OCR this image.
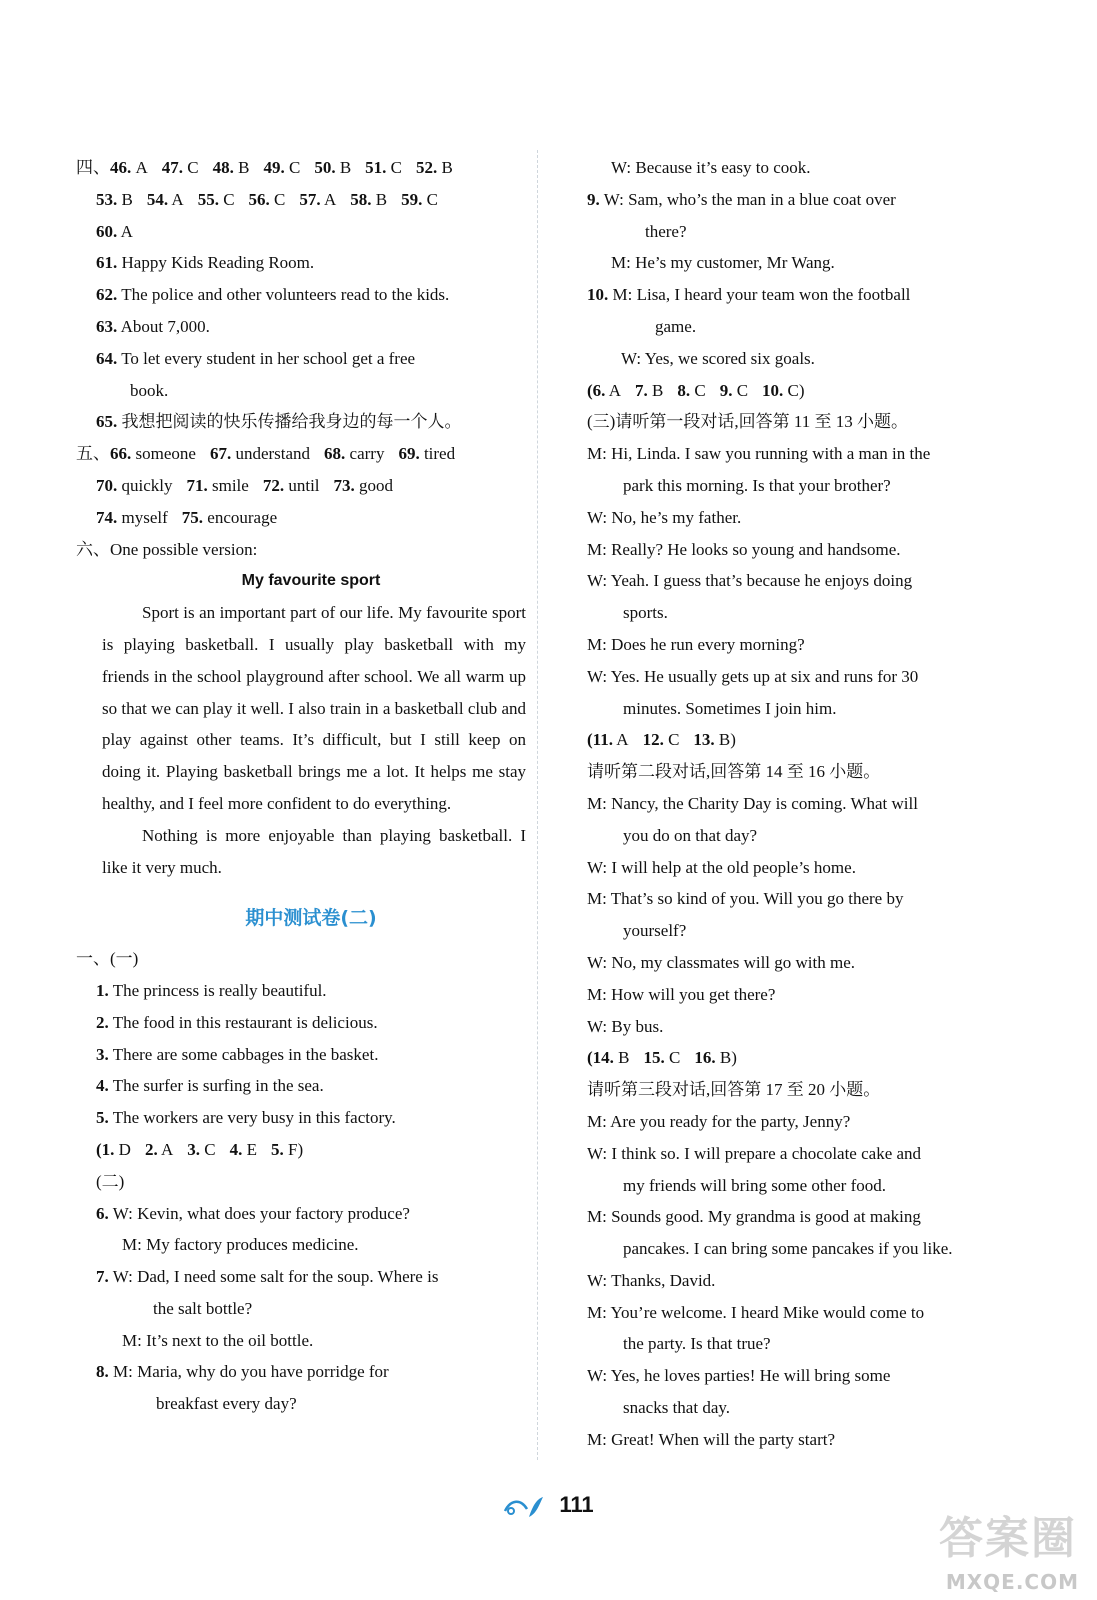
四、46. A 47. C 48. B 49. C 50. B 51. C 52. B
53. B 54. A 55. C 56. C 57. A 58. B 59. C
60. A
61. Happy Kids Reading Room.
62. The police and other volunteers read to the kids.
63. About 7,000.
64. To let every student in her school get a free
book.
65. 我想把阅读的快乐传播给我身边的每一个人。
五、66. someone 67. understand 68. carry 69. tired
70. quickly 71. smile 72. until 73. good
74. myself 75. encourage
六、One possible version:
My favourite sport
Sport is an important part of our life. My favourite sport is playing basketball. I usually play basketball with my friends in the school playground after school. We all warm up so that we can play it well. I also train in a basketball club and play against other teams. It’s difficult, but I still keep on doing it. Playing basketball brings me a lot. It helps me stay healthy, and I feel more confident to do everything.
Nothing is more enjoyable than playing basketball. I like it very much.
期中测试卷(二)
一、(一)
1. The princess is really beautiful.
2. The food in this restaurant is delicious.
3. There are some cabbages in the basket.
4. The surfer is surfing in the sea.
5. The workers are very busy in this factory.
(1. D 2. A 3. C 4. E 5. F)
(二)
6. W: Kevin, what does your factory produce?
M: My factory produces medicine.
7. W: Dad, I need some salt for the soup. Where is
the salt bottle?
M: It’s next to the oil bottle.
8. M: Maria, why do you have porridge for
breakfast every day?
W: Because it’s easy to cook.
9. W: Sam, who’s the man in a blue coat over
there?
M: He’s my customer, Mr Wang.
10. M: Lisa, I heard your team won the football
game.
W: Yes, we scored six goals.
(6. A 7. B 8. C 9. C 10. C)
(三)请听第一段对话,回答第 11 至 13 小题。
M: Hi, Linda. I saw you running with a man in the
park this morning. Is that your brother?
W: No, he’s my father.
M: Really? He looks so young and handsome.
W: Yeah. I guess that’s because he enjoys doing
sports.
M: Does he run every morning?
W: Yes. He usually gets up at six and runs for 30
minutes. Sometimes I join him.
(11. A 12. C 13. B)
请听第二段对话,回答第 14 至 16 小题。
M: Nancy, the Charity Day is coming. What will
you do on that day?
W: I will help at the old people’s home.
M: That’s so kind of you. Will you go there by
yourself?
W: No, my classmates will go with me.
M: How will you get there?
W: By bus.
(14. B 15. C 16. B)
请听第三段对话,回答第 17 至 20 小题。
M: Are you ready for the party, Jenny?
W: I think so. I will prepare a chocolate cake and
my friends will bring some other food.
M: Sounds good. My grandma is good at making
pancakes. I can bring some pancakes if you like.
W: Thanks, David.
M: You’re welcome. I heard Mike would come to
the party. Is that true?
W: Yes, he loves parties! He will bring some
snacks that day.
M: Great! When will the party start?
111
答案圈
MXQE.COM
